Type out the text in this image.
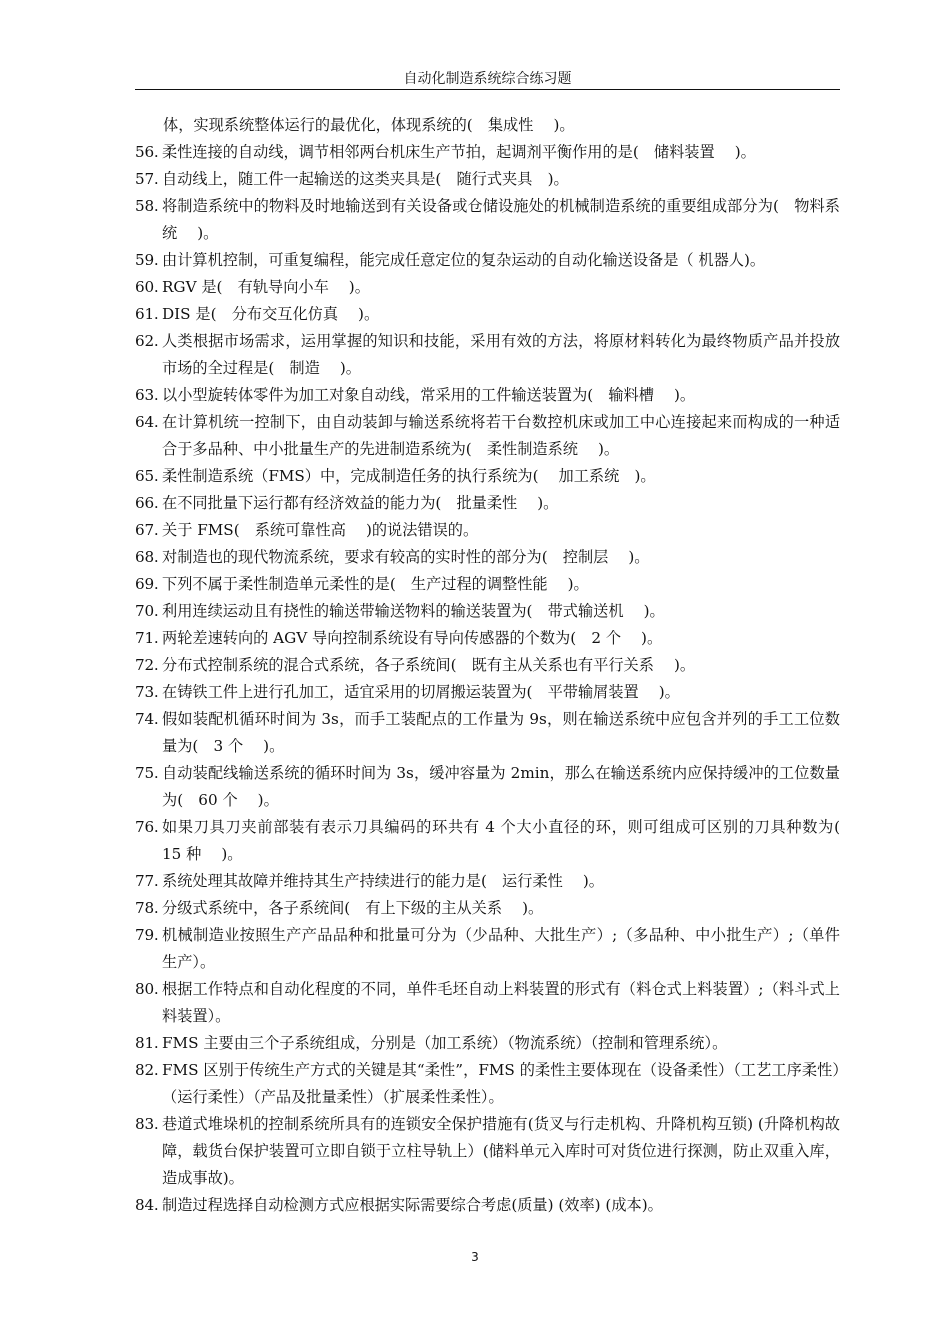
自动化制造系统综合练习题
体，实现系统整体运行的最优化，体现系统的(　集成性　 )。
56. 柔性连接的自动线，调节相邻两台机床生产节拍，起调剂平衡作用的是(　储料装置　 )。
57. 自动线上，随工件一起输送的这类夹具是(　随行式夹具　)。
58. 将制造系统中的物料及时地输送到有关设备或仓储设施处的机械制造系统的重要组成部分为(　物料系统　 )。
59. 由计算机控制，可重复编程，能完成任意定位的复杂运动的自动化输送设备是（ 机器人)。
60. RGV 是(　有轨导向小车　 )。
61. DIS 是(　分布交互化仿真　 )。
62. 人类根据市场需求，运用掌握的知识和技能，采用有效的方法，将原材料转化为最终物质产品并投放市场的全过程是(　制造　 )。
63. 以小型旋转体零件为加工对象自动线，常采用的工件输送装置为(　输料槽　 )。
64. 在计算机统一控制下，由自动装卸与输送系统将若干台数控机床或加工中心连接起来而构成的一种适合于多品种、中小批量生产的先进制造系统为(　柔性制造系统　 )。
65. 柔性制造系统（FMS）中，完成制造任务的执行系统为(　 加工系统　)。
66. 在不同批量下运行都有经济效益的能力为(　批量柔性　 )。
67. 关于 FMS(　系统可靠性高　 )的说法错误的。
68. 对制造也的现代物流系统，要求有较高的实时性的部分为(　控制层　 )。
69. 下列不属于柔性制造单元柔性的是(　生产过程的调整性能　 )。
70. 利用连续运动且有挠性的输送带输送物料的输送装置为(　带式输送机　 )。
71. 两轮差速转向的 AGV 导向控制系统设有导向传感器的个数为(　2 个　 )。
72. 分布式控制系统的混合式系统，各子系统间(　既有主从关系也有平行关系　 )。
73. 在铸铁工件上进行孔加工，适宜采用的切屑搬运装置为(　平带输屑装置　 )。
74. 假如装配机循环时间为 3s，而手工装配点的工作量为 9s，则在输送系统中应包含并列的手工工位数量为(　3 个　 )。
75. 自动装配线输送系统的循环时间为 3s，缓冲容量为 2min，那么在输送系统内应保持缓冲的工位数量为(　60 个　 )。
76. 如果刀具刀夹前部装有表示刀具编码的环共有 4 个大小直径的环，则可组成可区别的刀具种数为(　15 种　 )。
77. 系统处理其故障并维持其生产持续进行的能力是(　运行柔性　 )。
78. 分级式系统中，各子系统间(　有上下级的主从关系　 )。
79. 机械制造业按照生产产品品种和批量可分为（少品种、大批生产）;（多品种、中小批生产）;（单件生产）。
80. 根据工作特点和自动化程度的不同，单件毛坯自动上料装置的形式有（料仓式上料装置）;（料斗式上料装置）。
81. FMS 主要由三个子系统组成，分别是（加工系统）（物流系统）（控制和管理系统）。
82. FMS 区别于传统生产方式的关键是其“柔性”，FMS 的柔性主要体现在（设备柔性）（工艺工序柔性）（运行柔性）（产品及批量柔性）（扩展柔性柔性）。
83. 巷道式堆垛机的控制系统所具有的连锁安全保护措施有(货叉与行走机构、升降机构互锁) (升降机构故障，载货台保护装置可立即自锁于立柱导轨上）(储料单元入库时可对货位进行探测，防止双重入库，造成事故)。
84. 制造过程选择自动检测方式应根据实际需要综合考虑(质量) (效率) (成本)。
3
